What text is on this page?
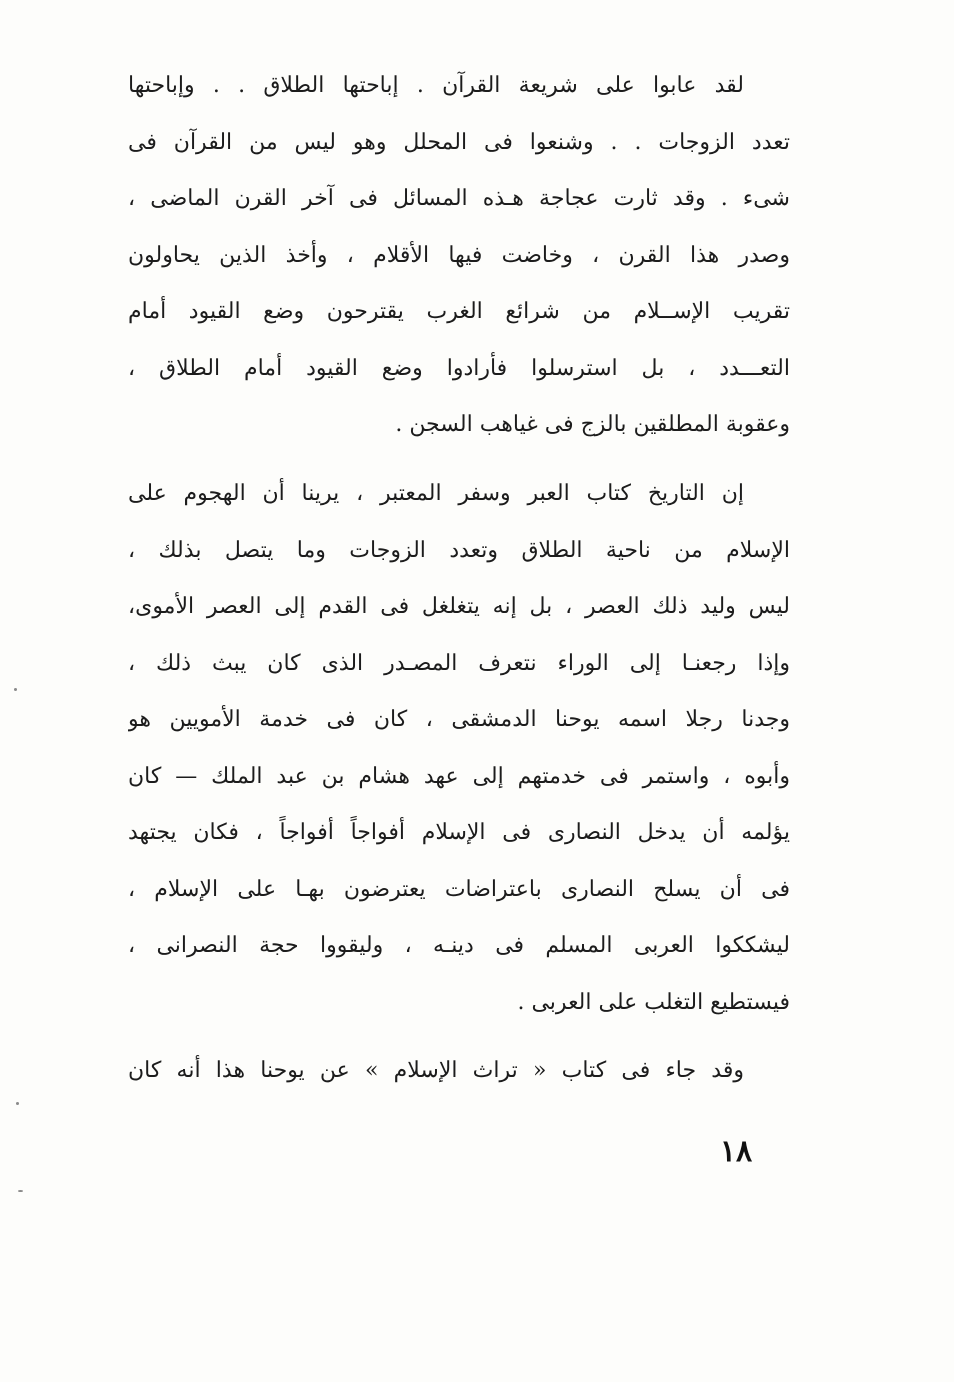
لقد عابوا على شريعة القرآن . إباحتها الطلاق . . وإباحتها
تعدد الزوجات . . وشنعوا فى المحلل وهو ليس من القرآن فى
شىء . وقد ثارت عجاجة هـذه المسائل فى آخر القرن الماضى ،
وصدر هذا القرن ، وخاضت فيها الأقلام ، وأخذ الذين يحاولون
تقريب الإســلام من شرائع الغرب يقترحون وضع القيود أمام
التعـــدد ، بل استرسلوا فأرادوا وضع القيود أمام الطلاق ،
وعقوبة المطلقين بالزج فى غياهب السجن .
إن التاريخ كتاب العبر وسفر المعتبر ، يرينا أن الهجوم على
الإسلام من ناحية الطلاق وتعدد الزوجات وما يتصل بذلك ،
ليس وليد ذلك العصر ، بل إنه يتغلغل فى القدم إلى العصر الأموى،
وإذا رجعنـا إلى الوراء نتعرف المصـدر الذى كان يبث ذلك ،
وجدنا رجلا اسمه يوحنا الدمشقى ، كان فى خدمة الأمويين هو
وأبوه ، واستمر فى خدمتهم إلى عهد هشام بن عبد الملك — كان
يؤلمه أن يدخل النصارى فى الإسلام أفواجاً أفواجاً ، فكان يجتهد
فى أن يسلح النصارى باعتراضات يعترضون بهـا على الإسلام ،
ليشككوا العربى المسلم فى دينـه ، وليقووا حجة النصرانى ،
فيستطيع التغلب على العربى .
وقد جاء فى كتاب « تراث الإسلام » عن يوحنا هذا أنه كان
١٨
